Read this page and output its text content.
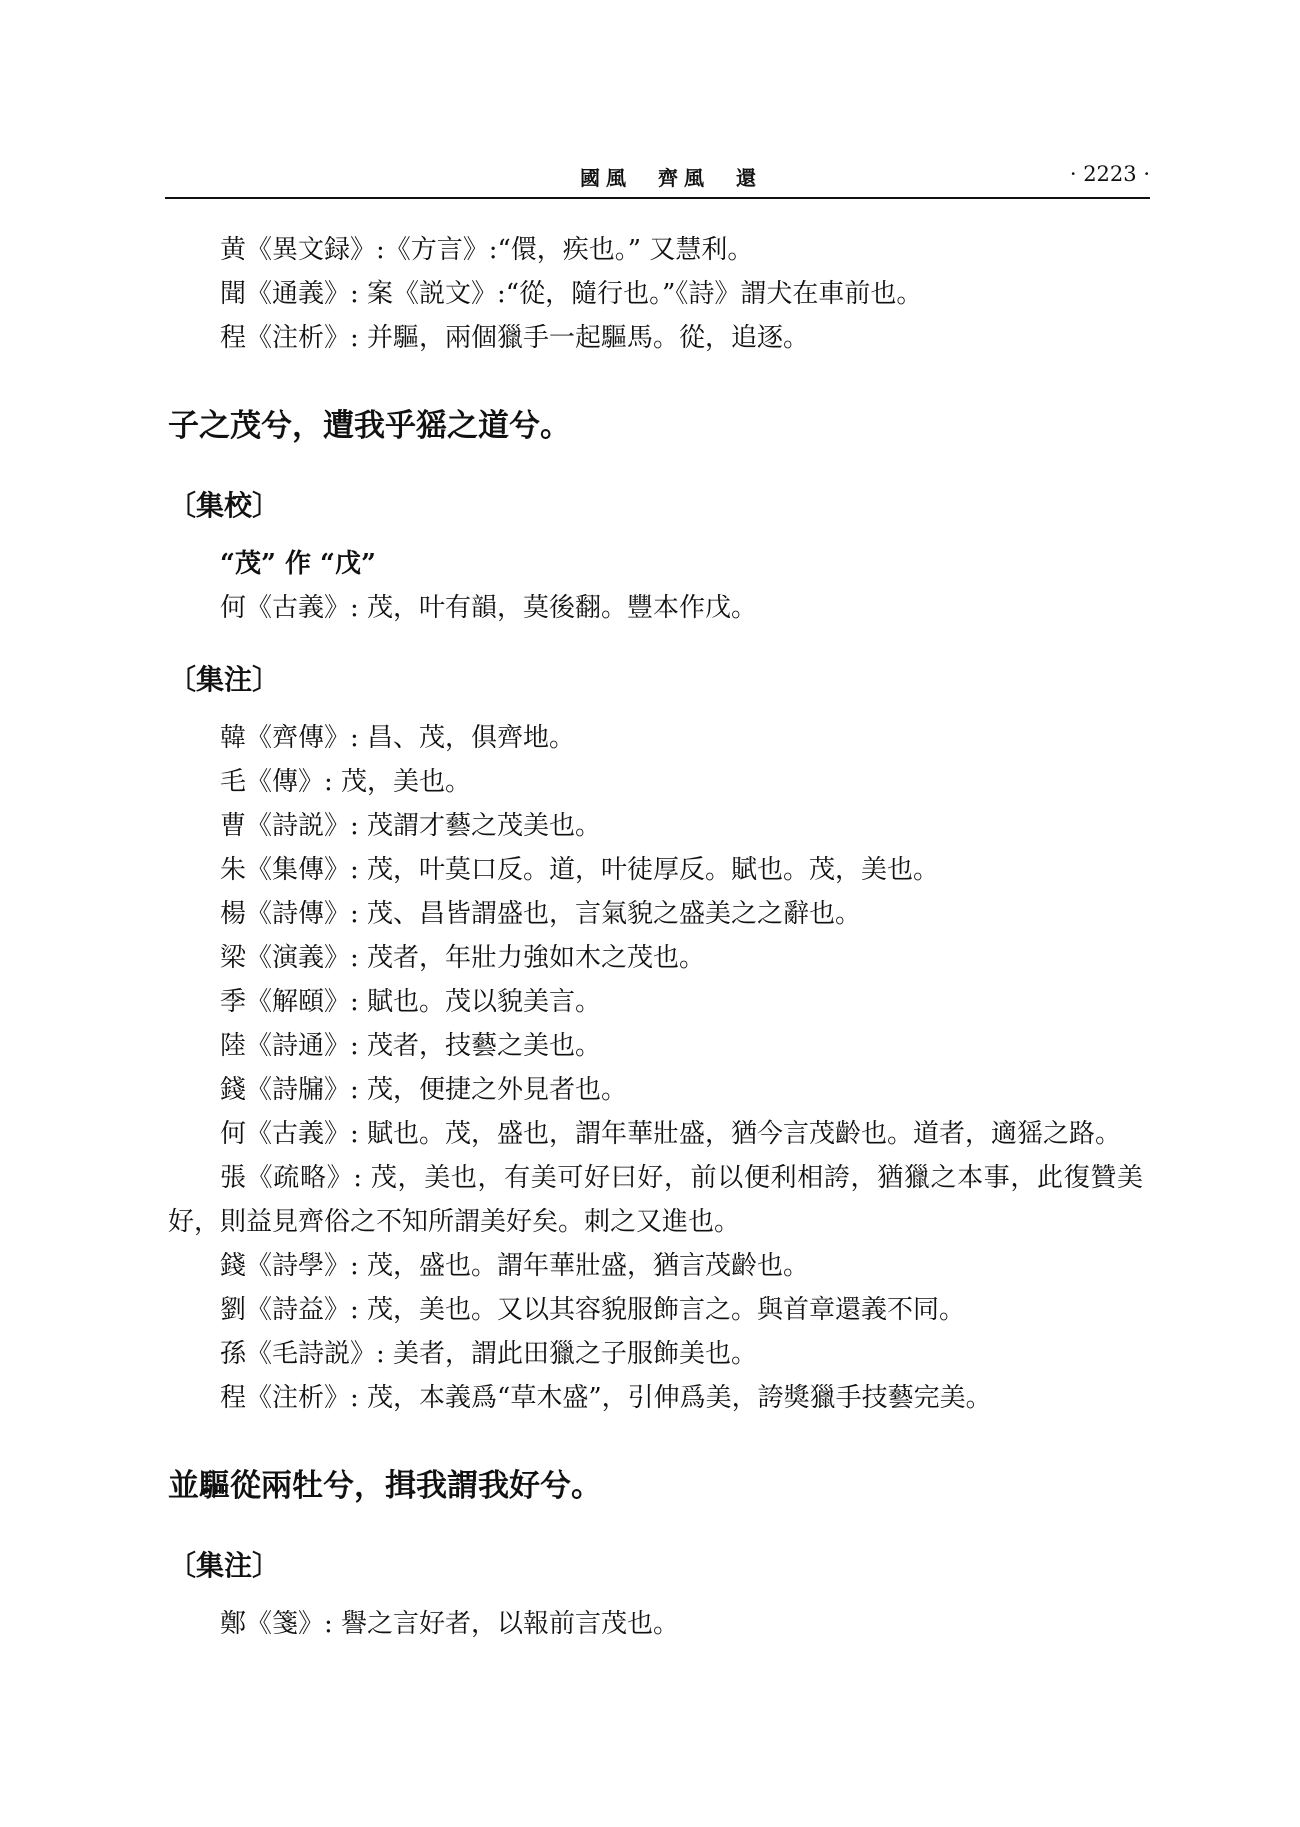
國風　齊風　還	· 2223 ·

黄《異文録》:《方言》:“儇，疾也。” 又慧利。

聞《通義》: 案《説文》:“從，隨行也。”《詩》謂犬在車前也。

程《注析》: 并驅，兩個獵手一起驅馬。從，追逐。

子之茂兮，遭我乎猺之道兮。

〔集校〕

“茂” 作 “戊”

何《古義》: 茂，叶有韻，莫後翻。豐本作戊。

〔集注〕

韓《齊傳》: 昌、茂，俱齊地。

毛《傳》: 茂，美也。

曹《詩説》: 茂謂才藝之茂美也。

朱《集傳》: 茂，叶莫口反。道，叶徒厚反。賦也。茂，美也。

楊《詩傳》: 茂、昌皆謂盛也，言氣貌之盛美之之辭也。

梁《演義》: 茂者，年壯力強如木之茂也。

季《解頤》: 賦也。茂以貌美言。

陸《詩通》: 茂者，技藝之美也。

錢《詩牖》: 茂，便捷之外見者也。

何《古義》: 賦也。茂，盛也，謂年華壯盛，猶今言茂齡也。道者，適猺之路。

張《疏略》: 茂，美也，有美可好曰好，前以便利相誇，猶獵之本事，此復贊美好，則益見齊俗之不知所謂美好矣。刺之又進也。

錢《詩學》: 茂，盛也。謂年華壯盛，猶言茂齡也。

劉《詩益》: 茂，美也。又以其容貌服飾言之。與首章還義不同。

孫《毛詩説》: 美者，謂此田獵之子服飾美也。

程《注析》: 茂，本義爲“草木盛”，引伸爲美，誇獎獵手技藝完美。

並驅從兩牡兮，揖我謂我好兮。

〔集注〕

鄭《箋》: 譽之言好者，以報前言茂也。
